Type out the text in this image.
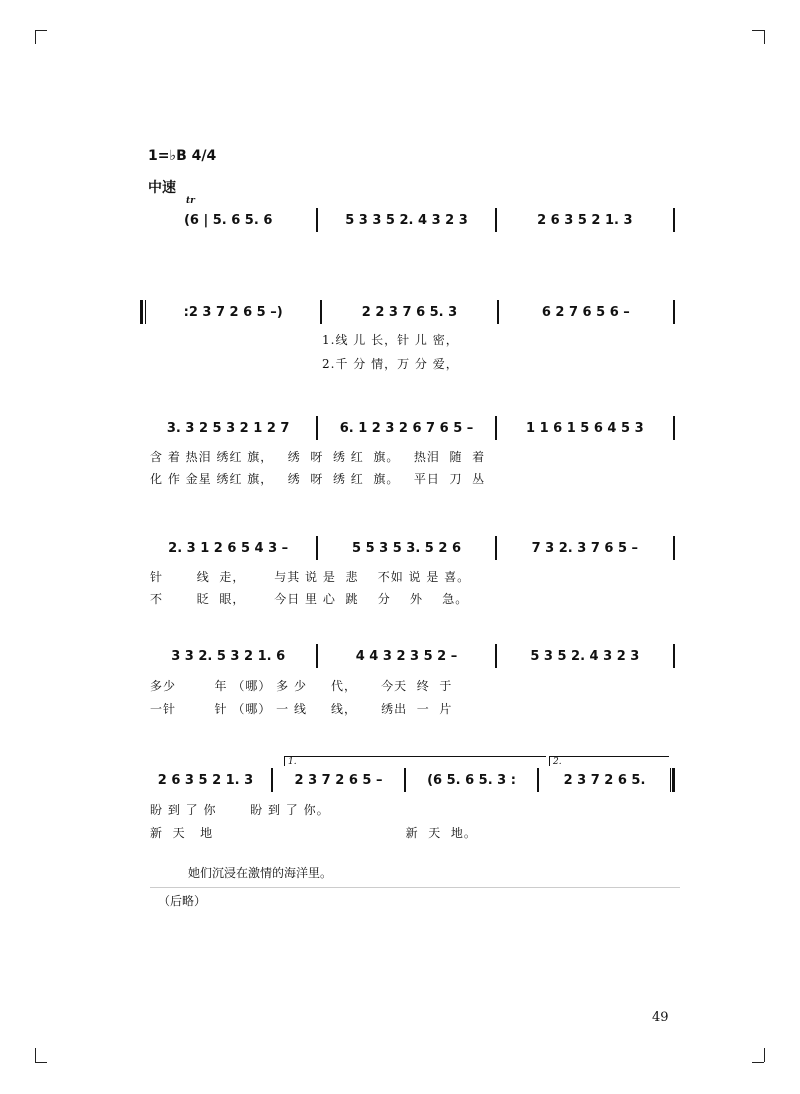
1=♭B 4/4
中速
tr
(6 | 5. 6 5. 6	5 3 3 5 2. 4 3 2 3	2 6 3 5 2 1. 3
:2 3 7 2 6 5 –)	2 2 3 7 6 5. 3	6 2 7 6 5 6 –
1.线 儿 长，针 儿 密，
2.千 分 情，万 分 爱，
3. 3 2 5 3 2 1 2 7	6. 1 2 3 2 6 7 6 5 –	1 1 6 1 5 6 4 5 3
含 着 热泪 绣红 旗，   绣  呀  绣 红  旗。   热泪  随  着
化 作 金星 绣红 旗，   绣  呀  绣 红  旗。   平日  刀  丛
2. 3 1 2 6 5 4 3 –	5 5 3 5 3. 5 2 6	7 3 2. 3 7 6 5 –
针       线  走，      与其 说 是  悲    不如 说 是 喜。
不       眨  眼，      今日 里 心  跳    分    外    急。
3 3 2. 5 3 2 1. 6	4 4 3 2 3 5 2 –	5 3 5 2. 4 3 2 3
多少        年 （哪） 多 少     代，     今天  终  于
一针        针 （哪） 一 线     线，     绣出  一  片
1.	2.
2 6 3 5 2 1. 3	2 3 7 2 6 5 –	(6 5. 6 5. 3 :	2 3 7 2 6 5.
盼 到 了 你       盼 到 了 你。
新  天   地                                        新  天  地。
她们沉浸在激情的海洋里。
（后略）
49
